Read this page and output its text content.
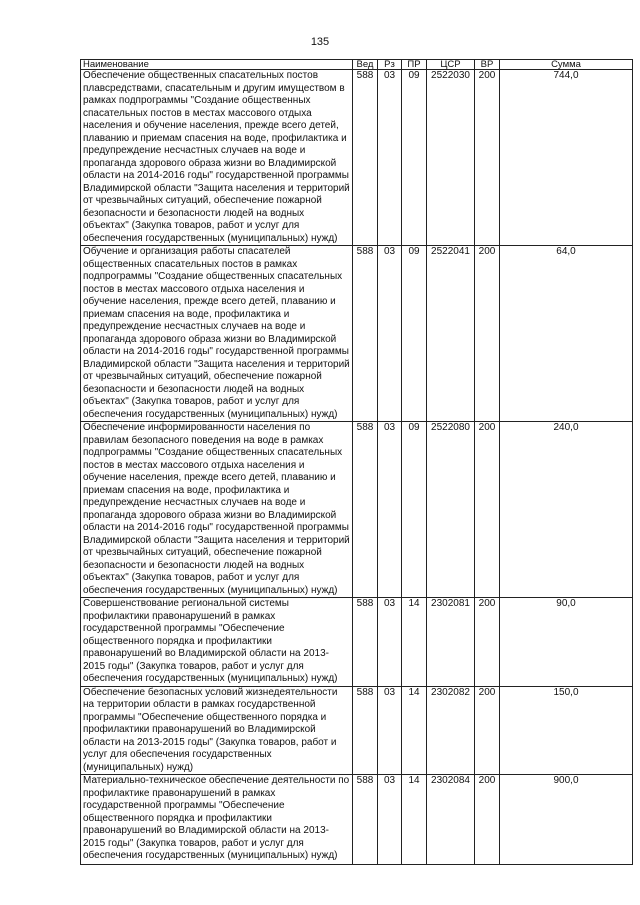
135
Наименование	Вед	Рз	ПР	ЦСР	ВР	Сумма
Обеспечение общественных спасательных постов плавсредствами, спасательным и другим имуществом в рамках подпрограммы "Создание общественных спасательных постов в местах массового отдыха населения и обучение населения, прежде всего детей, плаванию и приемам спасения на воде, профилактика и предупреждение несчастных случаев на воде и пропаганда здорового образа жизни во Владимирской области на 2014-2016 годы" государственной программы Владимирской области "Защита населения и территорий от чрезвычайных ситуаций, обеспечение пожарной безопасности и безопасности людей на водных объектах" (Закупка товаров, работ и услуг для обеспечения государственных (муниципальных) нужд)	588	03	09	2522030	200	744,0
Обучение и организация работы спасателей общественных спасательных постов в рамках подпрограммы "Создание общественных спасательных постов в местах массового отдыха населения и обучение населения, прежде всего детей, плаванию и приемам спасения на воде, профилактика и предупреждение несчастных случаев на воде и пропаганда здорового образа жизни во Владимирской области на 2014-2016 годы" государственной программы Владимирской области "Защита населения и территорий от чрезвычайных ситуаций, обеспечение пожарной безопасности и безопасности людей на водных объектах" (Закупка товаров, работ и услуг для обеспечения государственных (муниципальных) нужд)	588	03	09	2522041	200	64,0
Обеспечение информированности населения по правилам безопасного поведения на воде в рамках подпрограммы "Создание общественных спасательных постов в местах массового отдыха населения и обучение населения, прежде всего детей, плаванию и приемам спасения на воде, профилактика и предупреждение несчастных случаев на воде и пропаганда здорового образа жизни во Владимирской области на 2014-2016 годы" государственной программы Владимирской области "Защита населения и территорий от чрезвычайных ситуаций, обеспечение пожарной безопасности и безопасности людей на водных объектах" (Закупка товаров, работ и услуг для обеспечения государственных (муниципальных) нужд)	588	03	09	2522080	200	240,0
Совершенствование региональной системы профилактики правонарушений в рамках государственной программы "Обеспечение общественного порядка и профилактики правонарушений во Владимирской области на 2013-2015 годы" (Закупка товаров, работ и услуг для обеспечения государственных (муниципальных) нужд)	588	03	14	2302081	200	90,0
Обеспечение безопасных условий жизнедеятельности на территории области в рамках государственной программы "Обеспечение общественного порядка и профилактики правонарушений во Владимирской области на 2013-2015 годы" (Закупка товаров, работ и услуг для обеспечения государственных (муниципальных) нужд)	588	03	14	2302082	200	150,0
Материально-техническое обеспечение деятельности по профилактике правонарушений в рамках государственной программы "Обеспечение общественного порядка и профилактики правонарушений во Владимирской области на 2013-2015 годы" (Закупка товаров, работ и услуг для обеспечения государственных (муниципальных) нужд)	588	03	14	2302084	200	900,0
